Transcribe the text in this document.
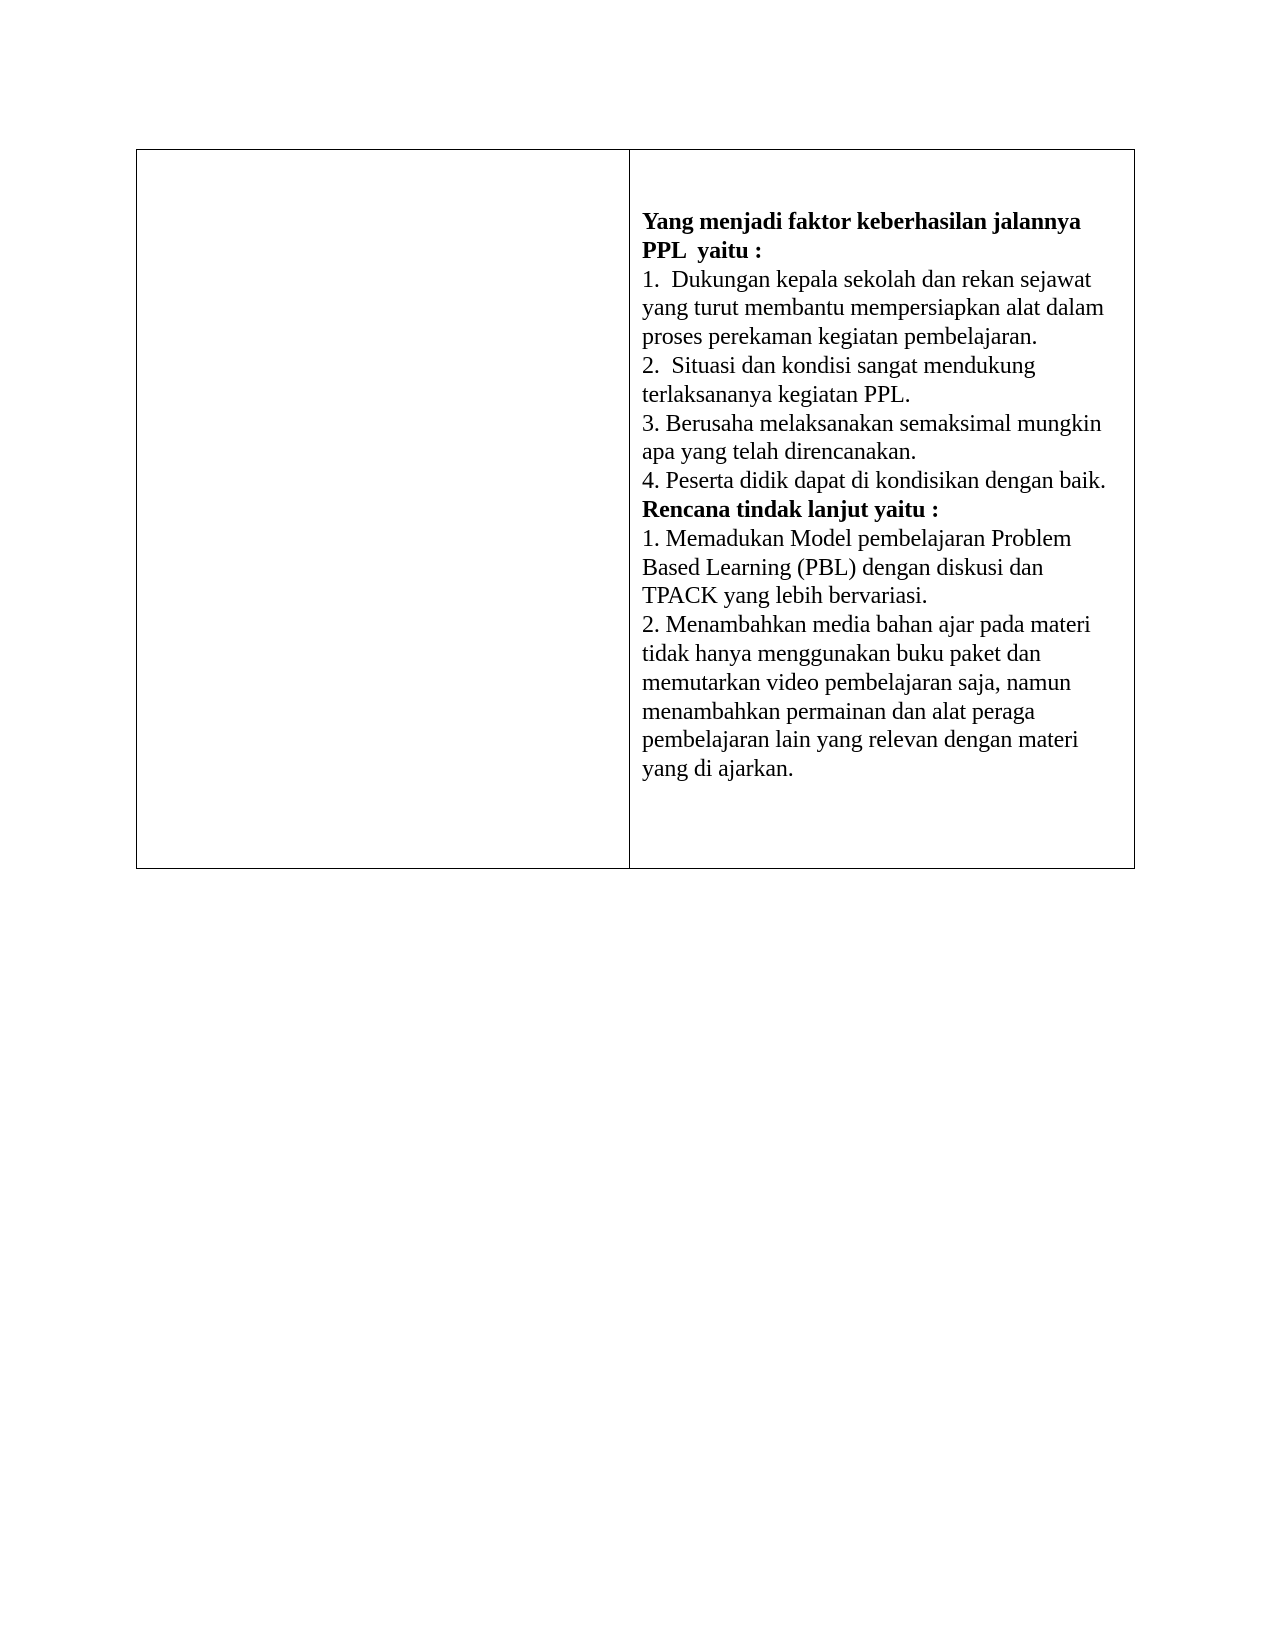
Yang menjadi faktor keberhasilan jalannya PPL  yaitu :

1.  Dukungan kepala sekolah dan rekan sejawat yang turut membantu mempersiapkan alat dalam proses perekaman kegiatan pembelajaran.

2.  Situasi dan kondisi sangat mendukung terlaksananya kegiatan PPL.

3. Berusaha melaksanakan semaksimal mungkin apa yang telah direncanakan.

4. Peserta didik dapat di kondisikan dengan baik.

Rencana tindak lanjut yaitu :

1. Memadukan Model pembelajaran Problem Based Learning (PBL) dengan diskusi dan TPACK yang lebih bervariasi.

2. Menambahkan media bahan ajar pada materi tidak hanya menggunakan buku paket dan memutarkan video pembelajaran saja, namun menambahkan permainan dan alat peraga pembelajaran lain yang relevan dengan materi yang di ajarkan.
